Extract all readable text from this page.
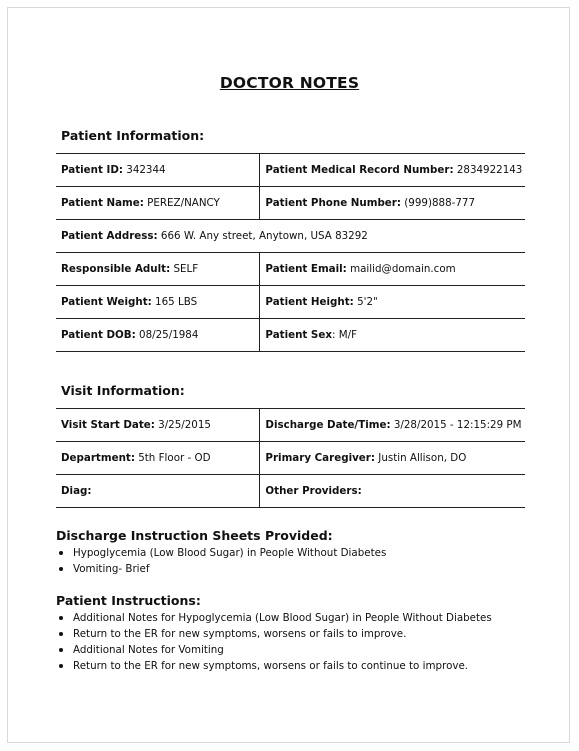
DOCTOR NOTES
Patient Information:
Patient ID: 342344	Patient Medical Record Number: 2834922143
Patient Name: PEREZ/NANCY	Patient Phone Number: (999)888-777
Patient Address: 666 W. Any street, Anytown, USA 83292	
Responsible Adult: SELF	Patient Email: mailid@domain.com
Patient Weight: 165 LBS	Patient Height: 5'2"
Patient DOB: 08/25/1984	Patient Sex: M/F
Visit Information:
Visit Start Date: 3/25/2015	Discharge Date/Time: 3/28/2015 - 12:15:29 PM
Department: 5th Floor - OD	Primary Caregiver: Justin Allison, DO
Diag:	Other Providers:
Discharge Instruction Sheets Provided:
Hypoglycemia (Low Blood Sugar) in People Without Diabetes
Vomiting- Brief
Patient Instructions:
Additional Notes for Hypoglycemia (Low Blood Sugar) in People Without Diabetes
Return to the ER for new symptoms, worsens or fails to improve.
Additional Notes for Vomiting
Return to the ER for new symptoms, worsens or fails to continue to improve.
